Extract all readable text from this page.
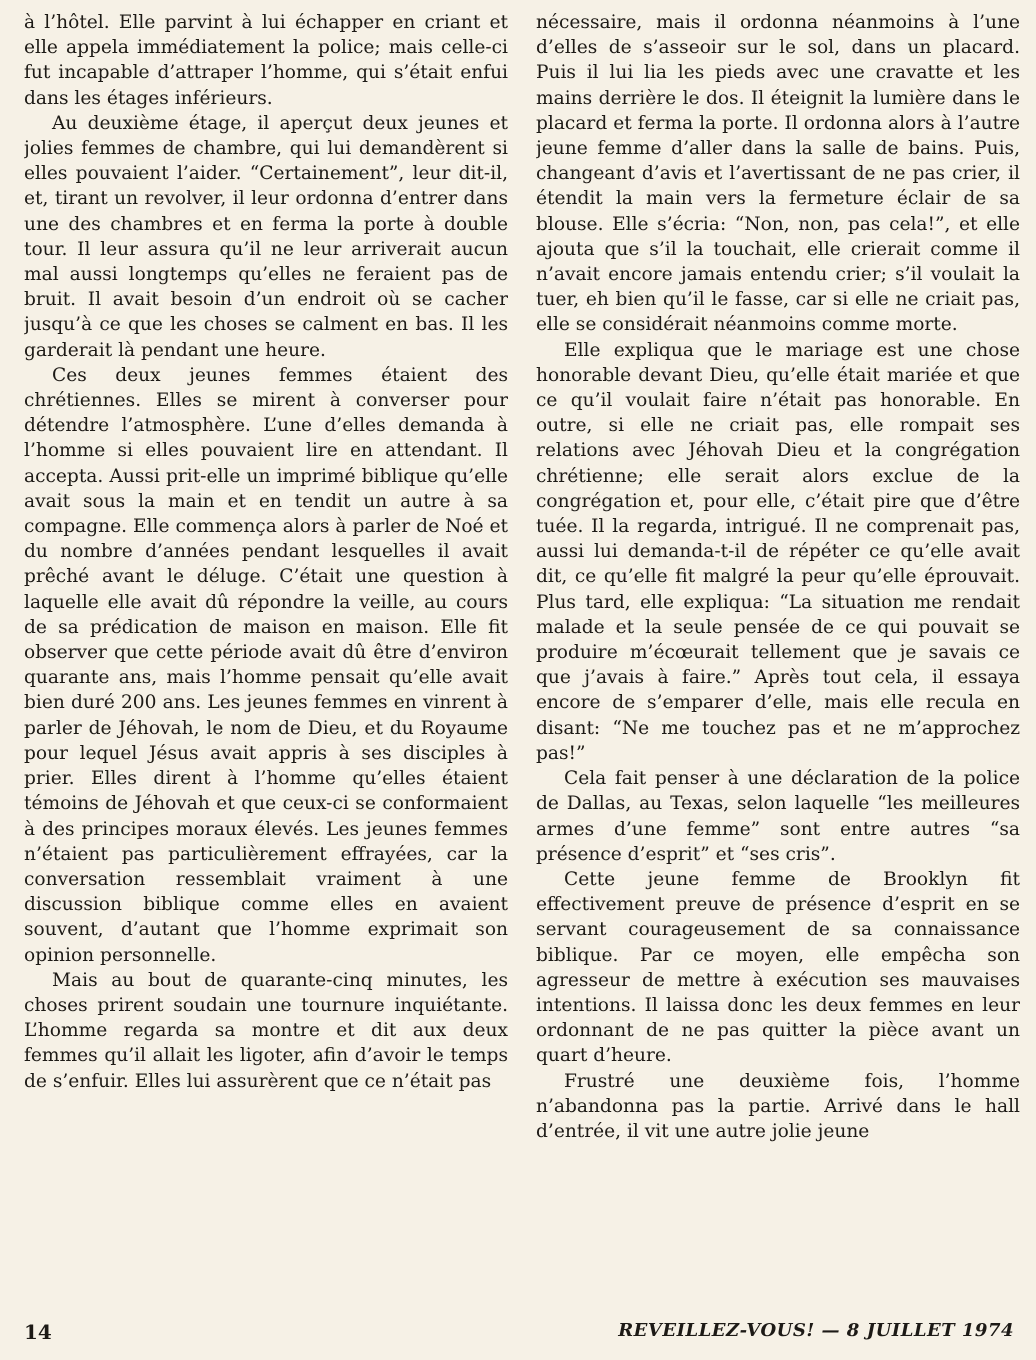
à l’hôtel. Elle parvint à lui échapper en criant et elle appela immédiatement la police; mais celle-ci fut incapable d’attraper l’homme, qui s’était enfui dans les étages inférieurs.

Au deuxième étage, il aperçut deux jeunes et jolies femmes de chambre, qui lui demandèrent si elles pouvaient l’aider. “Certainement”, leur dit-il, et, tirant un revolver, il leur ordonna d’entrer dans une des chambres et en ferma la porte à double tour. Il leur assura qu’il ne leur arriverait aucun mal aussi longtemps qu’elles ne feraient pas de bruit. Il avait besoin d’un endroit où se cacher jusqu’à ce que les choses se calment en bas. Il les garderait là pendant une heure.

Ces deux jeunes femmes étaient des chrétiennes. Elles se mirent à converser pour détendre l’atmosphère. L’une d’elles demanda à l’homme si elles pouvaient lire en attendant. Il accepta. Aussi prit-elle un imprimé biblique qu’elle avait sous la main et en tendit un autre à sa compagne. Elle commença alors à parler de Noé et du nombre d’années pendant lesquelles il avait prêché avant le déluge. C’était une question à laquelle elle avait dû répondre la veille, au cours de sa prédication de maison en maison. Elle fit observer que cette période avait dû être d’environ quarante ans, mais l’homme pensait qu’elle avait bien duré 200 ans. Les jeunes femmes en vinrent à parler de Jéhovah, le nom de Dieu, et du Royaume pour lequel Jésus avait appris à ses disciples à prier. Elles dirent à l’homme qu’elles étaient témoins de Jéhovah et que ceux-ci se conformaient à des principes moraux élevés. Les jeunes femmes n’étaient pas particulièrement effrayées, car la conversation ressemblait vraiment à une discussion biblique comme elles en avaient souvent, d’autant que l’homme exprimait son opinion personnelle.

Mais au bout de quarante-cinq minutes, les choses prirent soudain une tournure inquiétante. L’homme regarda sa montre et dit aux deux femmes qu’il allait les ligoter, afin d’avoir le temps de s’enfuir. Elles lui assurèrent que ce n’était pas

nécessaire, mais il ordonna néanmoins à l’une d’elles de s’asseoir sur le sol, dans un placard. Puis il lui lia les pieds avec une cravatte et les mains derrière le dos. Il éteignit la lumière dans le placard et ferma la porte. Il ordonna alors à l’autre jeune femme d’aller dans la salle de bains. Puis, changeant d’avis et l’avertissant de ne pas crier, il étendit la main vers la fermeture éclair de sa blouse. Elle s’écria: “Non, non, pas cela!”, et elle ajouta que s’il la touchait, elle crierait comme il n’avait encore jamais entendu crier; s’il voulait la tuer, eh bien qu’il le fasse, car si elle ne criait pas, elle se considérait néanmoins comme morte.

Elle expliqua que le mariage est une chose honorable devant Dieu, qu’elle était mariée et que ce qu’il voulait faire n’était pas honorable. En outre, si elle ne criait pas, elle rompait ses relations avec Jéhovah Dieu et la congrégation chrétienne; elle serait alors exclue de la congrégation et, pour elle, c’était pire que d’être tuée. Il la regarda, intrigué. Il ne comprenait pas, aussi lui demanda-t-il de répéter ce qu’elle avait dit, ce qu’elle fit malgré la peur qu’elle éprouvait. Plus tard, elle expliqua: “La situation me rendait malade et la seule pensée de ce qui pouvait se produire m’écœurait tellement que je savais ce que j’avais à faire.” Après tout cela, il essaya encore de s’emparer d’elle, mais elle recula en disant: “Ne me touchez pas et ne m’approchez pas!”

Cela fait penser à une déclaration de la police de Dallas, au Texas, selon laquelle “les meilleures armes d’une femme” sont entre autres “sa présence d’esprit” et “ses cris”.

Cette jeune femme de Brooklyn fit effectivement preuve de présence d’esprit en se servant courageusement de sa connaissance biblique. Par ce moyen, elle empêcha son agresseur de mettre à exécution ses mauvaises intentions. Il laissa donc les deux femmes en leur ordonnant de ne pas quitter la pièce avant un quart d’heure.

Frustré une deuxième fois, l’homme n’abandonna pas la partie. Arrivé dans le hall d’entrée, il vit une autre jolie jeune

14	REVEILLEZ-VOUS! — 8 JUILLET 1974
